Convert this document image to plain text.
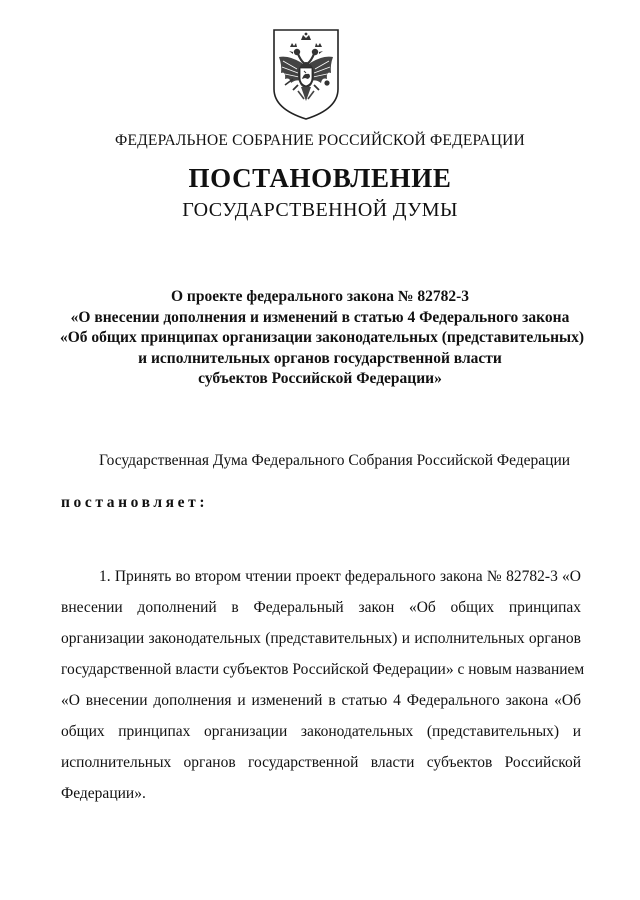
ФЕДЕРАЛЬНОЕ СОБРАНИЕ РОССИЙСКОЙ ФЕДЕРАЦИИ
ПОСТАНОВЛЕНИЕ
ГОСУДАРСТВЕННОЙ ДУМЫ
О проекте федерального закона № 82782-3
«О внесении дополнения и изменений в статью 4 Федерального закона
«Об общих принципах организации законодательных (представительных)
и исполнительных органов государственной власти
субъектов Российской Федерации»
Государственная Дума Федерального Собрания Российской Федерации
постановляет:
1. Принять во втором чтении проект федерального закона № 82782-3 «О
внесении дополнений в Федеральный закон «Об общих принципах
организации законодательных (представительных) и исполнительных органов
государственной власти субъектов Российской Федерации» с новым названием
«О внесении дополнения и изменений в статью 4 Федерального закона «Об
общих принципах организации законодательных (представительных) и
исполнительных органов государственной власти субъектов Российской
Федерации».
